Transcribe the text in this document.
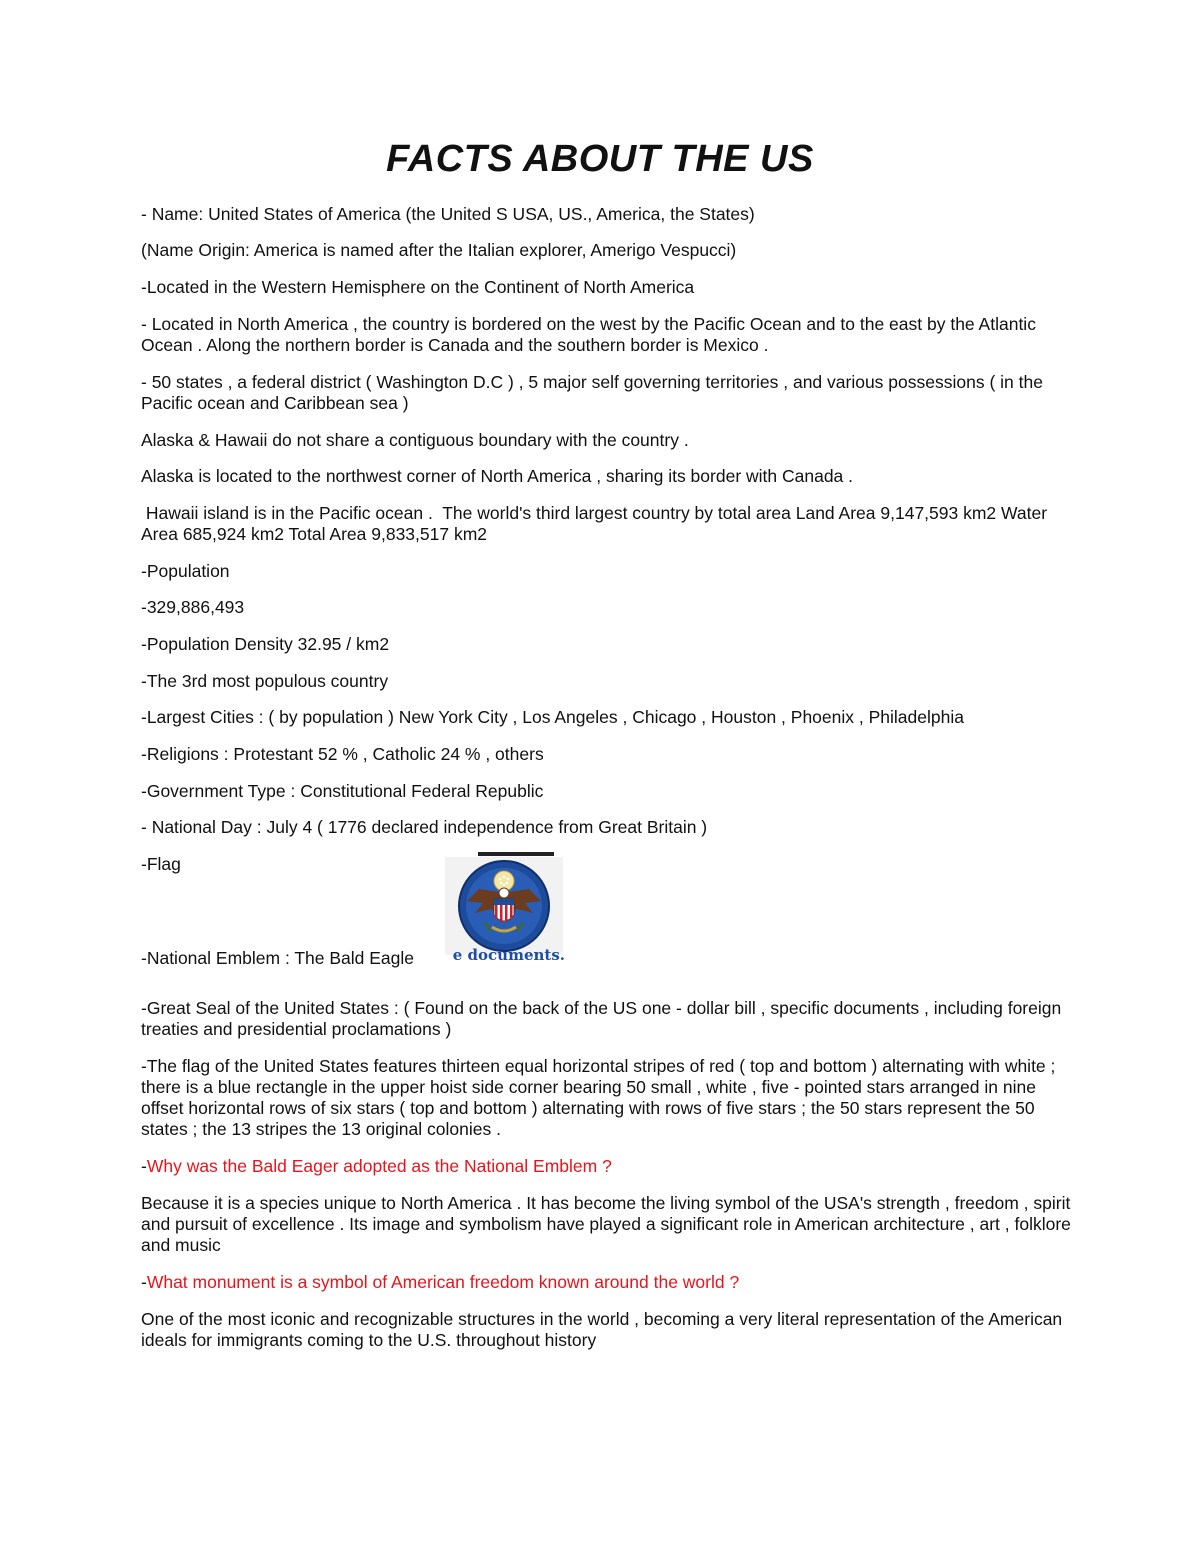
FACTS ABOUT THE US

- Name: United States of America (the United S USA, US., America, the States)

(Name Origin: America is named after the Italian explorer, Amerigo Vespucci)

-Located in the Western Hemisphere on the Continent of North America

- Located in North America , the country is bordered on the west by the Pacific Ocean and to the east by the Atlantic Ocean . Along the northern border is Canada and the southern border is Mexico .

- 50 states , a federal district ( Washington D.C ) , 5 major self governing territories , and various possessions ( in the Pacific ocean and Caribbean sea )

Alaska & Hawaii do not share a contiguous boundary with the country .

Alaska is located to the northwest corner of North America , sharing its border with Canada .

Hawaii island is in the Pacific ocean .  The world's third largest country by total area Land Area 9,147,593 km2 Water Area 685,924 km2 Total Area 9,833,517 km2

-Population

-329,886,493

-Population Density 32.95 / km2

-The 3rd most populous country

-Largest Cities : ( by population ) New York City , Los Angeles , Chicago , Houston , Phoenix , Philadelphia

-Religions : Protestant 52 % , Catholic 24 % , others

-Government Type : Constitutional Federal Republic

- National Day : July 4 ( 1776 declared independence from Great Britain )

-Flag

e documents.

-National Emblem : The Bald Eagle

-Great Seal of the United States : ( Found on the back of the US one - dollar bill , specific documents , including foreign treaties and presidential proclamations )

-The flag of the United States features thirteen equal horizontal stripes of red ( top and bottom ) alternating with white ; there is a blue rectangle in the upper hoist side corner bearing 50 small , white , five - pointed stars arranged in nine offset horizontal rows of six stars ( top and bottom ) alternating with rows of five stars ; the 50 stars represent the 50 states ; the 13 stripes the 13 original colonies .

-Why was the Bald Eager adopted as the National Emblem ?

Because it is a species unique to North America . It has become the living symbol of the USA's strength , freedom , spirit and pursuit of excellence . Its image and symbolism have played a significant role in American architecture , art , folklore and music

-What monument is a symbol of American freedom known around the world ?

One of the most iconic and recognizable structures in the world , becoming a very literal representation of the American ideals for immigrants coming to the U.S. throughout history
